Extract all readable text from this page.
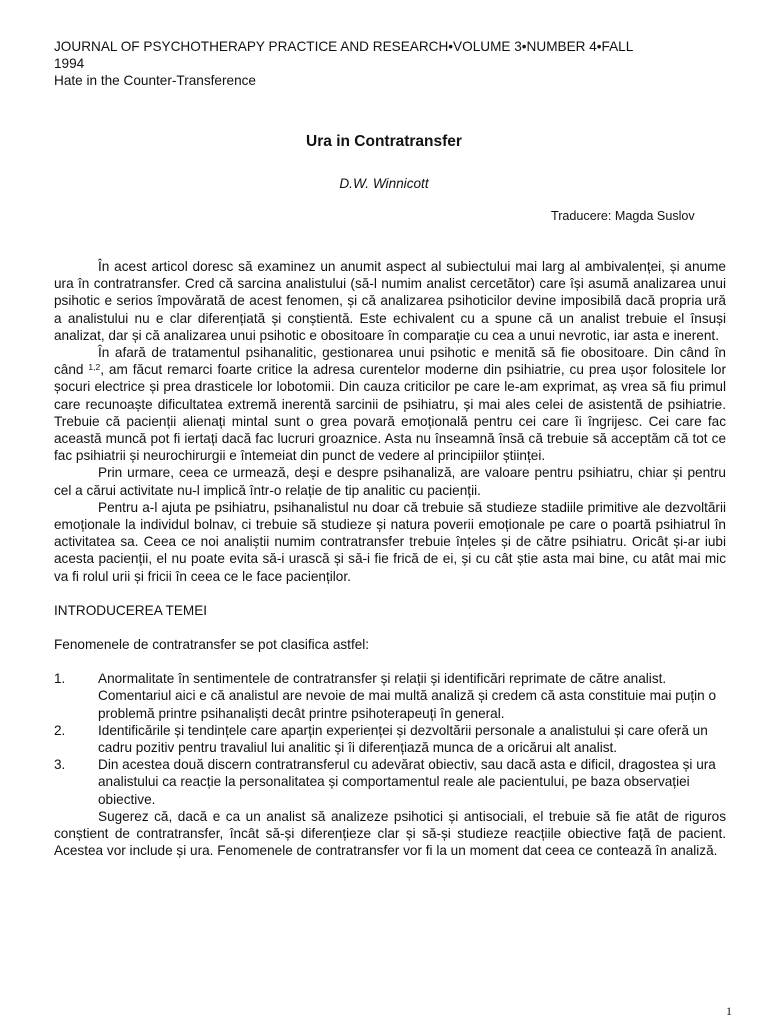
JOURNAL OF PSYCHOTHERAPY PRACTICE AND RESEARCH•VOLUME 3•NUMBER 4•FALL
1994
Hate in the Counter-Transference
Ura in Contratransfer
D.W. Winnicott
Traducere: Magda Suslov

În acest articol doresc să examinez un anumit aspect al subiectului mai larg al ambivalenței, și anume ura în contratransfer. Cred că sarcina analistului (să-l numim analist cercetător) care își asumă analizarea unui psihotic e serios împovărată de acest fenomen, și că analizarea psihoticilor devine imposibilă dacă propria ură a analistului nu e clar diferențiată și conștientă. Este echivalent cu a spune că un analist trebuie el însuși analizat, dar și că analizarea unui psihotic e obositoare în comparație cu cea a unui nevrotic, iar asta e inerent.

În afară de tratamentul psihanalitic, gestionarea unui psihotic e menită să fie obositoare. Din când în când $^{1,2}$, am făcut remarci foarte critice la adresa curentelor moderne din psihiatrie, cu prea ușor folositele lor șocuri electrice și prea drasticele lor lobotomii. Din cauza criticilor pe care le-am exprimat, aș vrea să fiu primul care recunoaște dificultatea extremă inerentă sarcinii de psihiatru, și mai ales celei de asistentă de psihiatrie. Trebuie că pacienții alienați mintal sunt o grea povară emoțională pentru cei care îi îngrijesc. Cei care fac această muncă pot fi iertați dacă fac lucruri groaznice. Asta nu înseamnă însă că trebuie să acceptăm că tot ce fac psihiatrii și neurochirurgii e întemeiat din punct de vedere al principiilor științei.

Prin urmare, ceea ce urmează, deși e despre psihanaliză, are valoare pentru psihiatru, chiar și pentru cel a cărui activitate nu-l implică într-o relație de tip analitic cu pacienții.

Pentru a-l ajuta pe psihiatru, psihanalistul nu doar că trebuie să studieze stadiile primitive ale dezvoltării emoționale la individul bolnav, ci trebuie să studieze și natura poverii emoționale pe care o poartă psihiatrul în activitatea sa. Ceea ce noi analiștii numim contratransfer trebuie înțeles și de către psihiatru. Oricât și-ar iubi acesta pacienții, el nu poate evita să-i urască și să-i fie frică de ei, și cu cât știe asta mai bine, cu atât mai mic va fi rolul urii și fricii în ceea ce le face pacienților.

INTRODUCEREA TEMEI

Fenomenele de contratransfer se pot clasifica astfel:

1. Anormalitate în sentimentele de contratransfer și relații și identificări reprimate de către analist. Comentariul aici e că analistul are nevoie de mai multă analiză și credem că asta constituie mai puțin o problemă printre psihanaliști decât printre psihoterapeuți în general.
2. Identificările și tendințele care aparțin experienței și dezvoltării personale a analistului și care oferă un cadru pozitiv pentru travaliul lui analitic și îi diferențiază munca de a oricărui alt analist.
3. Din acestea două discern contratransferul cu adevărat obiectiv, sau dacă asta e dificil, dragostea și ura analistului ca reacție la personalitatea și comportamentul reale ale pacientului, pe baza observației obiective.

Sugerez că, dacă e ca un analist să analizeze psihotici și antisociali, el trebuie să fie atât de riguros conștient de contratransfer, încât să-și diferențieze clar și să-și studieze reacțiile obiective față de pacient. Acestea vor include și ura. Fenomenele de contratransfer vor fi la un moment dat ceea ce contează în analiză.

1
